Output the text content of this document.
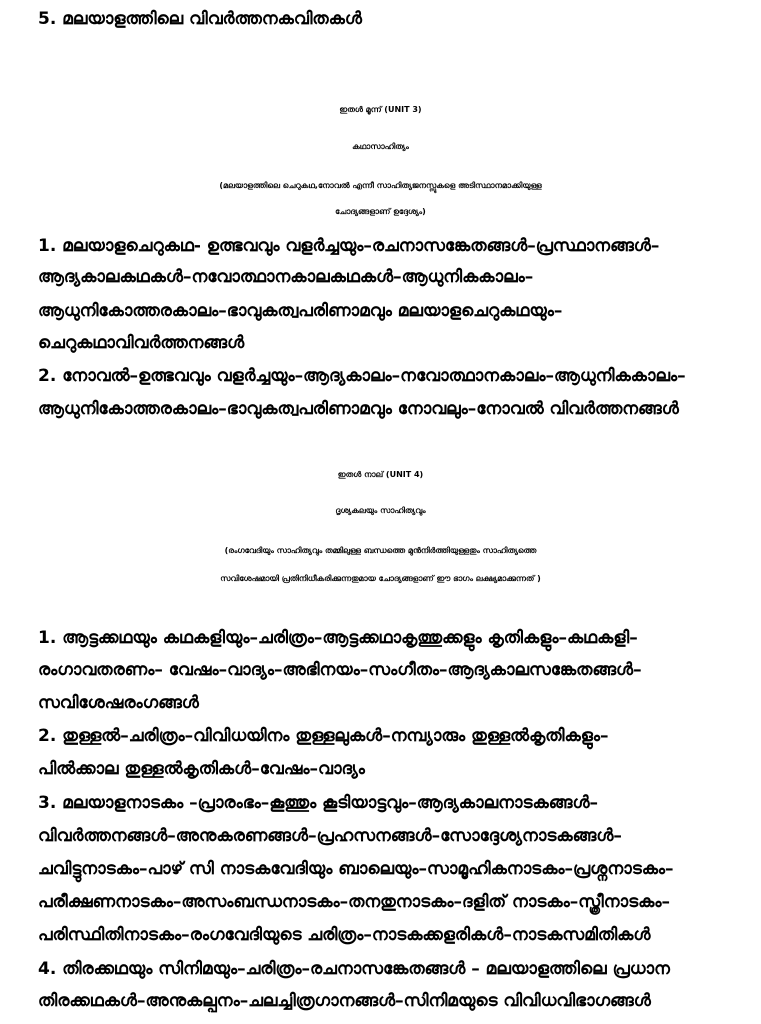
5. മലയാളത്തിലെ വിവർത്തനകവിതകൾ
ഇതൾ മൂന്ന് (UNIT 3)
കഥാസാഹിത്യം
(മലയാളത്തിലെ ചെറുകഥ,നോവൽ എന്നീ സാഹിത്യജനസ്സുകളെ അടിസ്ഥാനമാക്കിയുള്ള
ചോദ്യങ്ങളാണ് ഉദ്ദേശ്യം)
1. മലയാളചെറുകഥ- ഉത്ഭവവും വളർച്ചയും–രചനാസങ്കേതങ്ങൾ–പ്രസ്ഥാനങ്ങൾ–
ആദ്യകാലകഥകൾ–നവോത്ഥാനകാലകഥകൾ–ആധുനികകാലം–
ആധുനികോത്തരകാലം–ഭാവുകത്വപരിണാമവും മലയാളചെറുകഥയും–
ചെറുകഥാവിവർത്തനങ്ങൾ
2. നോവൽ–ഉത്ഭവവും വളർച്ചയും–ആദ്യകാലം–നവോത്ഥാനകാലം–ആധുനികകാലം–
ആധുനികോത്തരകാലം–ഭാവുകത്വപരിണാമവും നോവലും–നോവൽ വിവർത്തനങ്ങൾ
ഇതൾ നാല് (UNIT 4)
ദൃശ്യകലയും സാഹിത്യവും
(രംഗവേദിയും സാഹിത്യവും തമ്മിലുള്ള ബന്ധത്തെ മുൻനിർത്തിയുള്ളതും സാഹിത്യത്തെ
സവിശേഷമായി പ്രതിനിധീകരിക്കുന്നതുമായ ചോദ്യങ്ങളാണ് ഈ ഭാഗം ലക്ഷ്യമാക്കുന്നത് )
1. ആട്ടക്കഥയും കഥകളിയും–ചരിത്രം–ആട്ടക്കഥാകൃത്തുക്കളും കൃതികളും–കഥകളി–
രംഗാവതരണം– വേഷം–വാദ്യം–അഭിനയം–സംഗീതം–ആദ്യകാലസങ്കേതങ്ങൾ–
സവിശേഷരംഗങ്ങൾ
2. തുള്ളൽ–ചരിത്രം–വിവിധയിനം തുള്ളലുകൾ–നമ്പ്യാരും തുള്ളൽകൃതികളും–
പിൽക്കാല തുള്ളൽകൃതികൾ–വേഷം–വാദ്യം
3. മലയാളനാടകം –പ്രാരംഭം–കൂത്തും കൂടിയാട്ടവും–ആദ്യകാലനാടകങ്ങൾ–
വിവർത്തനങ്ങൾ–അനുകരണങ്ങൾ–പ്രഹസനങ്ങൾ–സോദ്ദേശ്യനാടകങ്ങൾ–
ചവിട്ടുനാടകം–പാഴ് സി നാടകവേദിയും ബാലെയും–സാമൂഹികനാടകം–പ്രശ്നനാടകം–
പരീക്ഷണനാടകം–അസംബന്ധനാടകം–തനതുനാടകം–ദളിത് നാടകം–സ്ത്രീനാടകം–
പരിസ്ഥിതിനാടകം–രംഗവേദിയുടെ ചരിത്രം–നാടകക്കളരികൾ–നാടകസമിതികൾ
4. തിരക്കഥയും സിനിമയും–ചരിത്രം–രചനാസങ്കേതങ്ങൾ – മലയാളത്തിലെ പ്രധാന
തിരക്കഥകൾ–അനുകല്പനം–ചലച്ചിത്രഗാനങ്ങൾ–സിനിമയുടെ വിവിധവിഭാഗങ്ങൾ
